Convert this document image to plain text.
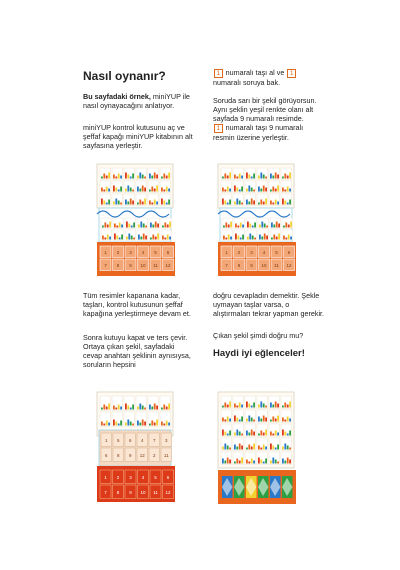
Nasıl oynanır?
Bu sayfadaki örnek, miniYUP ile nasıl oynayacağını anlatıyor.
miniYUP kontrol kutusunu aç ve şeffaf kapağı miniYUP kitabının alt sayfasına yerleştir.
Tüm resimler kapanana kadar, taşları, kontrol kutusunun şeffaf kapağına yerleştirmeye devam et.
Sonra kutuyu kapat ve ters çevir. Ortaya çıkan şekil, sayfadaki cevap anahtarı şeklinin aynısıysa, soruların hepsini
1 numaralı taşı al ve 1 numaralı soruya bak.
Soruda sarı bir şekil görüyorsun. Aynı şeklin yeşil renkte olanı alt sayfada 9 numaralı resimde.
1 numaralı taşı 9 numaralı resmin üzerine yerleştir.
doğru cevapladın demektir. Şekle uymayan taşlar varsa, o alıştırmaları tekrar yapman gerekir.
Çıkan şekil şimdi doğru mu?
Haydi iyi eğlenceler!
1 2 3 4 5 6
7 8 9 10 11 12
1 2 3 4 5 6
7 8 9 10 11 12
1 5 6 4 7 3
6 8 9 12 2 11
1 2 3 4 5 6
7 8 9 10 11 12
